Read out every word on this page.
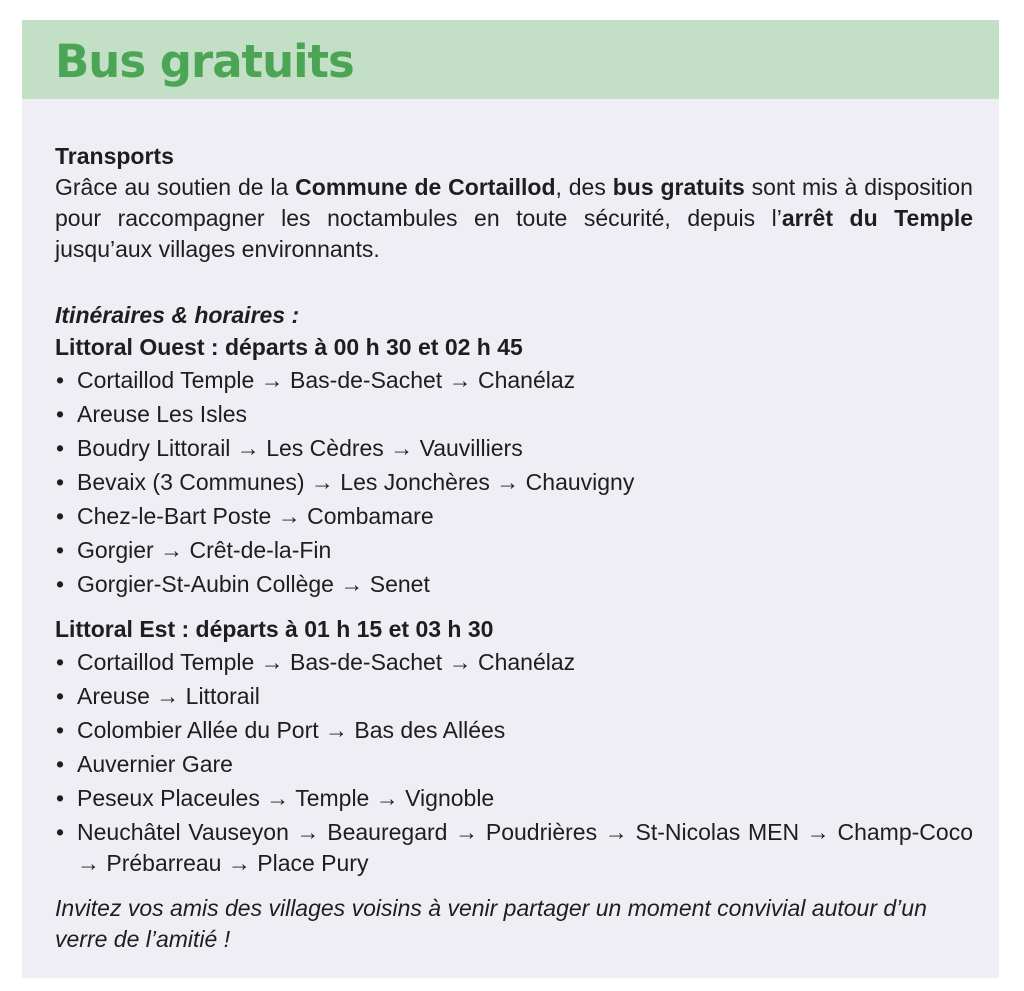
Bus gratuits

Transports

Grâce au soutien de la Commune de Cortaillod, des bus gratuits sont mis à disposition pour raccompagner les noctambules en toute sécurité, depuis l’arrêt du Temple jusqu’aux villages environnants.

Itinéraires & horaires :

Littoral Ouest : départs à 00 h 30 et 02 h 45

• Cortaillod Temple → Bas-de-Sachet → Chanélaz
• Areuse Les Isles
• Boudry Littorail → Les Cèdres → Vauvilliers
• Bevaix (3 Communes) → Les Jonchères → Chauvigny
• Chez-le-Bart Poste → Combamare
• Gorgier → Crêt-de-la-Fin
• Gorgier-St-Aubin Collège → Senet

Littoral Est : départs à 01 h 15 et 03 h 30

• Cortaillod Temple → Bas-de-Sachet → Chanélaz
• Areuse → Littorail
• Colombier Allée du Port → Bas des Allées
• Auvernier Gare
• Peseux Placeules → Temple → Vignoble
• Neuchâtel Vauseyon → Beauregard → Poudrières → St-Nicolas MEN → Champ-Coco → Prébarreau → Place Pury

Invitez vos amis des villages voisins à venir partager un moment convivial autour d’un verre de l’amitié !
